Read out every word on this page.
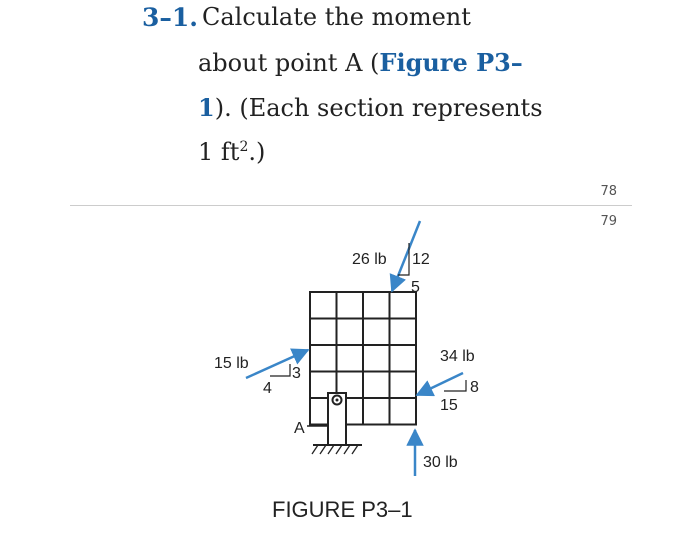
3–1. Calculate the moment
about point A (Figure P3–
1). (Each section represents
1 $ft^2$.)
78
79
A
26 lb 12
5
15 lb
3
4
34 lb
8
15
30 lb
FIGURE P3–1
